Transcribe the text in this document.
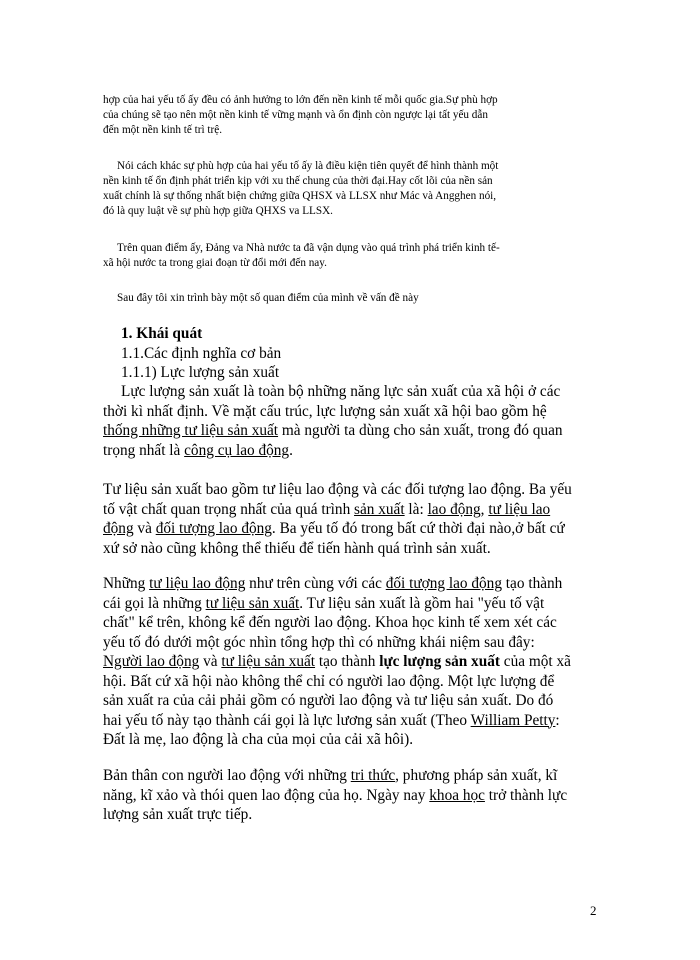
hợp của hai yếu tố ấy đều có ảnh hưởng to lớn đến nền kinh tế mỗi quốc gia.Sự phù hợp
của chúng sẽ tạo nên một nền kinh tế vững mạnh và ổn định còn ngược lại tất yếu dẫn
đến một nền kinh tế trì trệ.
Nói cách khác sự phù hợp của hai yếu tố ấy là điều kiện tiên quyết để hình thành một
nền kinh tế ổn định phát triển kịp với xu thế chung của thời đại.Hay cốt lõi của nền sản
xuất chính là sự thống nhất biện chứng giữa QHSX và LLSX như Mác và Angghen nói,
đó là quy luật về sự phù hợp giữa QHXS va LLSX.
Trên quan điểm ấy, Đảng va Nhà nước ta đã vận dụng vào quá trình phá triển kinh tế-
xã hội nước ta trong giai đoạn từ đổi mới đến nay.
Sau đây tôi xin trình bày một số quan điểm của mình về vấn đề này
1. Khái quát
1.1.Các định nghĩa cơ bản
1.1.1) Lực lượng sản xuất
Lực lượng sản xuất là toàn bộ những năng lực sản xuất của xã hội ở các
thời kì nhất định. Về mặt cấu trúc, lực lượng sản xuất xã hội bao gồm hệ
thống những tư liệu sản xuất mà người ta dùng cho sản xuất, trong đó quan
trọng nhất là công cụ lao động.
Tư liệu sản xuất bao gồm tư liệu lao động và các đối tượng lao động. Ba yếu
tố vật chất quan trọng nhất của quá trình sản xuất là: lao động, tư liệu lao
động và đối tượng lao động. Ba yếu tố đó trong bất cứ thời đại nào,ở bất cứ
xứ sở nào cũng không thể thiếu để tiến hành quá trình sản xuất.
Những tư liệu lao động như trên cùng với các đối tượng lao động tạo thành
cái gọi là những tư liệu sản xuất. Tư liệu sản xuất là gồm hai "yếu tố vật
chất" kể trên, không kể đến người lao động. Khoa học kinh tế xem xét các
yếu tố đó dưới một góc nhìn tổng hợp thì có những khái niệm sau đây:
Người lao động và tư liệu sản xuất tạo thành lực lượng sản xuất của một xã
hội. Bất cứ xã hội nào không thể chỉ có người lao động. Một lực lượng để
sản xuất ra của cải phải gồm có người lao động và tư liệu sản xuất. Do đó
hai yếu tố này tạo thành cái gọi là lực lương sản xuất (Theo William Petty:
Đất là mẹ, lao động là cha của mọi của cải xã hôi).
Bản thân con người lao động với những tri thức, phương pháp sản xuất, kĩ
năng, kĩ xảo và thói quen lao động của họ. Ngày nay khoa học trở thành lực
lượng sản xuất trực tiếp.
2
